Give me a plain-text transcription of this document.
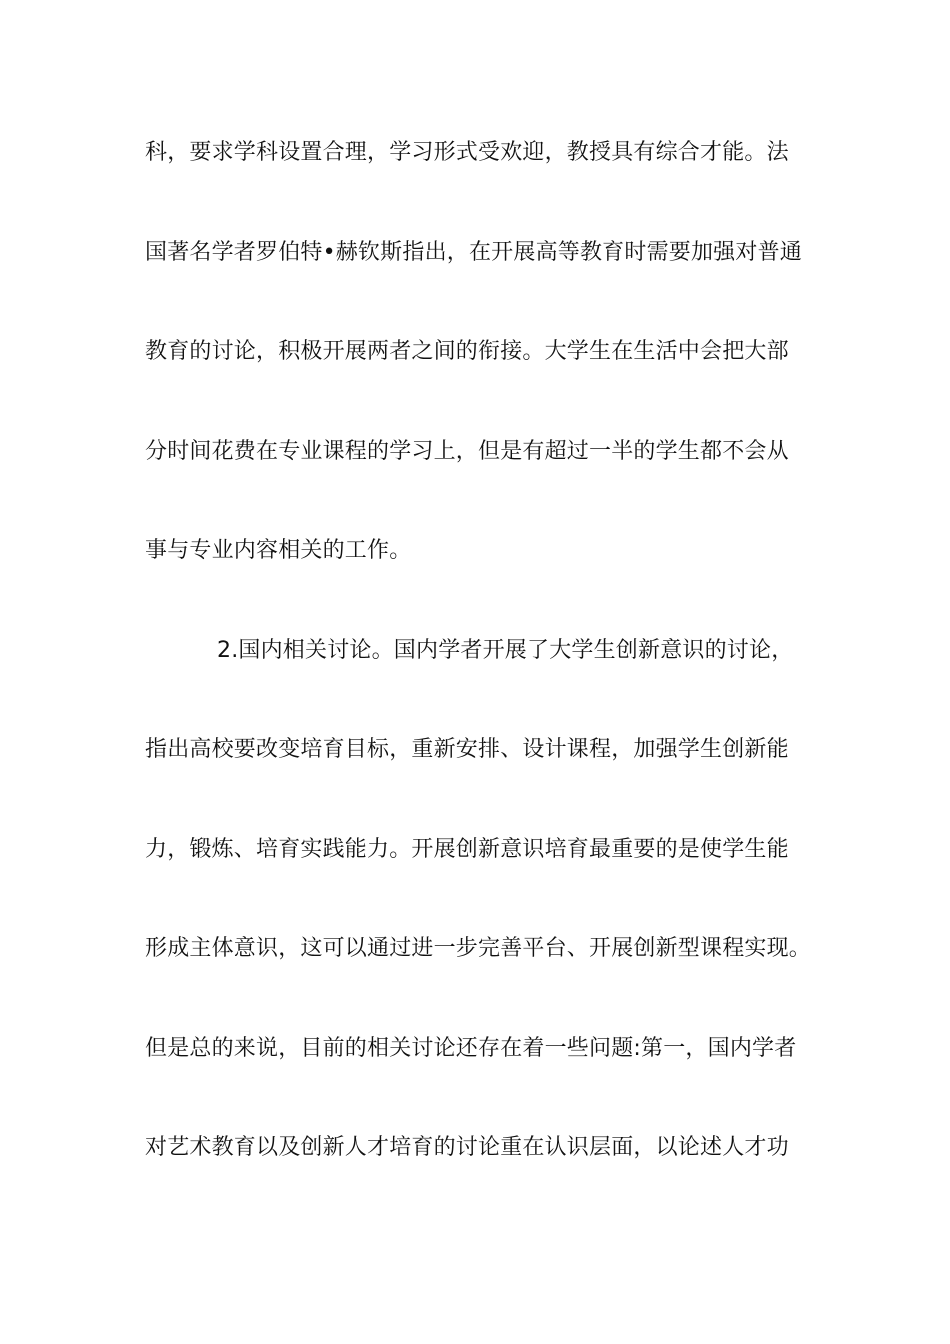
科，要求学科设置合理，学习形式受欢迎，教授具有综合才能。法
国著名学者罗伯特•赫钦斯指出，在开展高等教育时需要加强对普通
教育的讨论，积极开展两者之间的衔接。大学生在生活中会把大部
分时间花费在专业课程的学习上，但是有超过一半的学生都不会从
事与专业内容相关的工作。
2.国内相关讨论。国内学者开展了大学生创新意识的讨论，
指出高校要改变培育目标，重新安排、设计课程，加强学生创新能
力，锻炼、培育实践能力。开展创新意识培育最重要的是使学生能
形成主体意识，这可以通过进一步完善平台、开展创新型课程实现。
但是总的来说，目前的相关讨论还存在着一些问题:第一，国内学者
对艺术教育以及创新人才培育的讨论重在认识层面，以论述人才功
